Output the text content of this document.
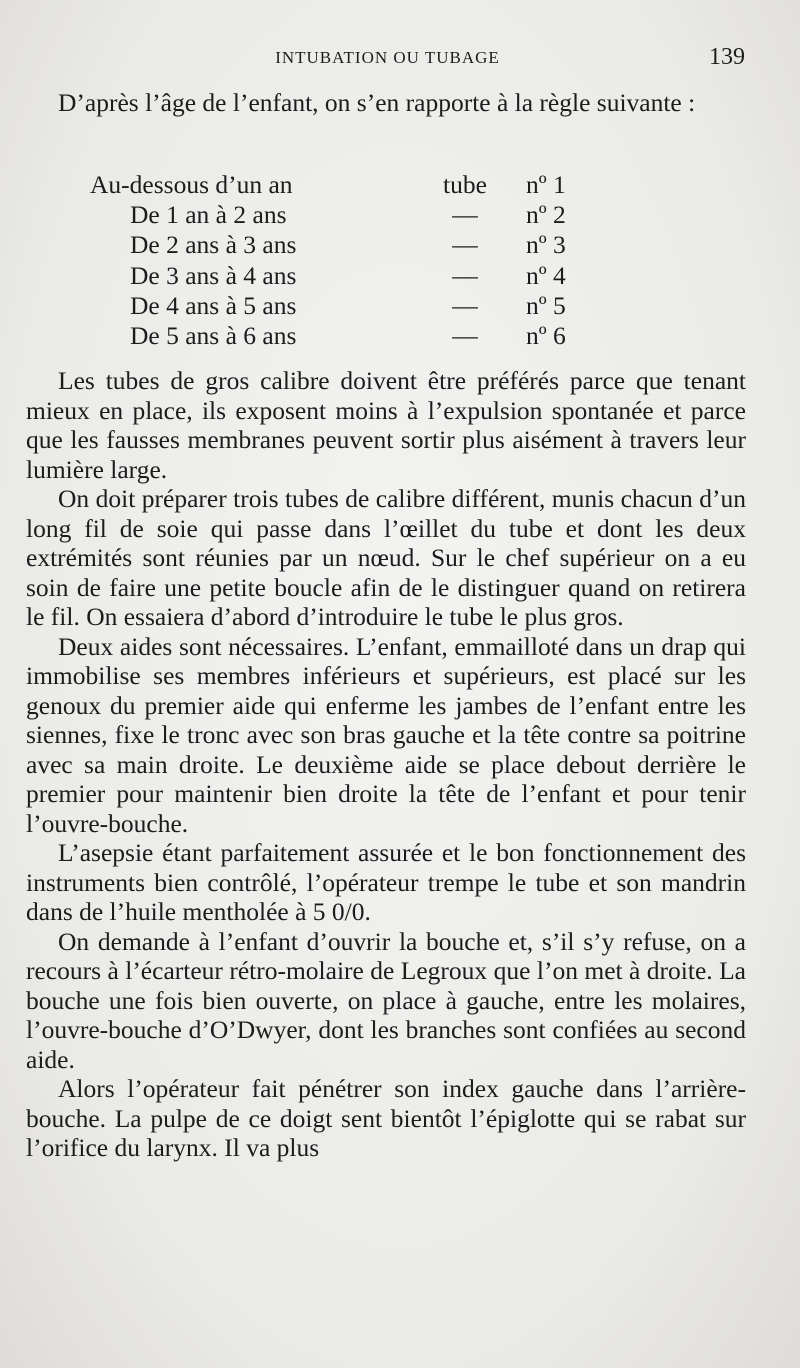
INTUBATION OU TUBAGE	139

D’après l’âge de l’enfant, on s’en rapporte à la règle suivante :

Au-dessous d’un an	tube	nº 1
De 1 an à 2 ans	—	nº 2
De 2 ans à 3 ans	—	nº 3
De 3 ans à 4 ans	—	nº 4
De 4 ans à 5 ans	—	nº 5
De 5 ans à 6 ans	—	nº 6

Les tubes de gros calibre doivent être préférés parce que tenant mieux en place, ils exposent moins à l’expulsion spontanée et parce que les fausses membranes peuvent sortir plus aisément à travers leur lumière large.

On doit préparer trois tubes de calibre différent, munis chacun d’un long fil de soie qui passe dans l’œillet du tube et dont les deux extrémités sont réunies par un nœud. Sur le chef supérieur on a eu soin de faire une petite boucle afin de le distinguer quand on retirera le fil. On essaiera d’abord d’introduire le tube le plus gros.

Deux aides sont nécessaires. L’enfant, emmailloté dans un drap qui immobilise ses membres inférieurs et supérieurs, est placé sur les genoux du premier aide qui enferme les jambes de l’enfant entre les siennes, fixe le tronc avec son bras gauche et la tête contre sa poitrine avec sa main droite. Le deuxième aide se place debout derrière le premier pour maintenir bien droite la tête de l’enfant et pour tenir l’ouvre-bouche.

L’asepsie étant parfaitement assurée et le bon fonctionnement des instruments bien contrôlé, l’opérateur trempe le tube et son mandrin dans de l’huile mentholée à 5 0/0.

On demande à l’enfant d’ouvrir la bouche et, s’il s’y refuse, on a recours à l’écarteur rétro-molaire de Legroux que l’on met à droite. La bouche une fois bien ouverte, on place à gauche, entre les molaires, l’ouvre-bouche d’O’Dwyer, dont les branches sont confiées au second aide.

Alors l’opérateur fait pénétrer son index gauche dans l’arrière-bouche. La pulpe de ce doigt sent bientôt l’épiglotte qui se rabat sur l’orifice du larynx. Il va plus
